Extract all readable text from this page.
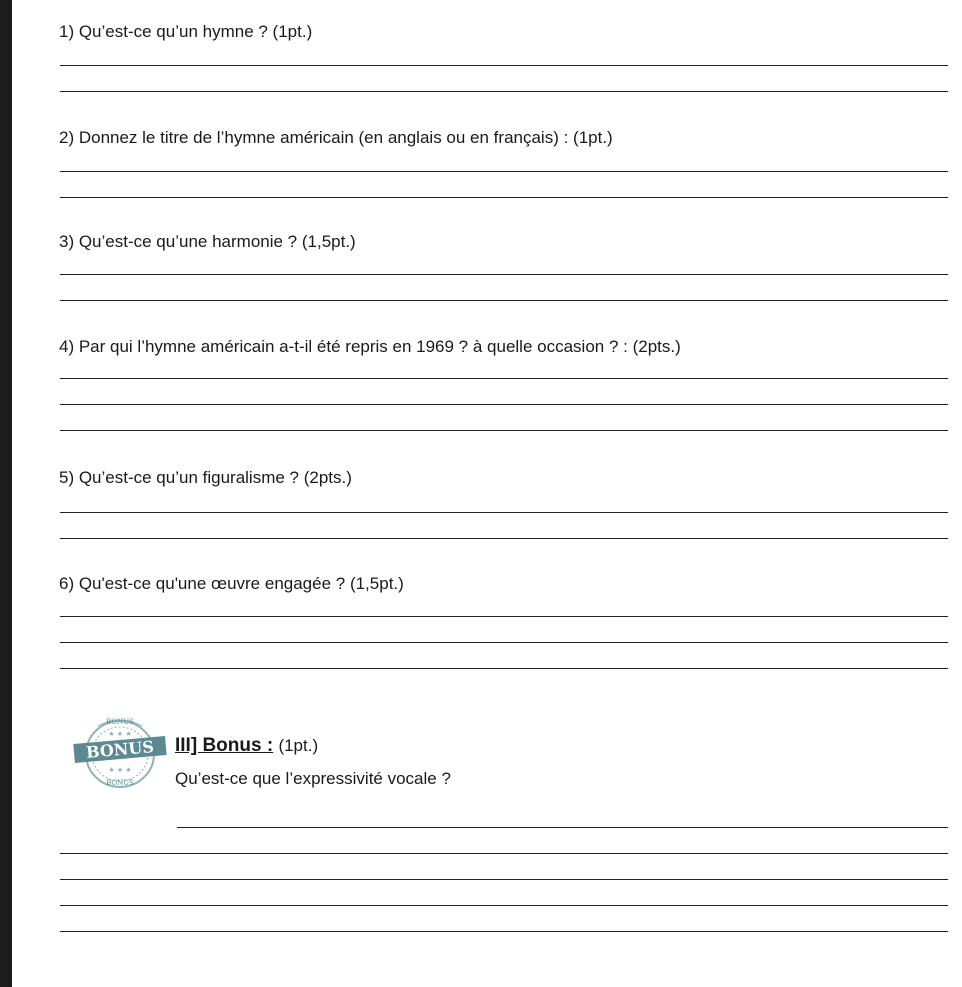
1) Qu’est-ce qu’un hymne ? (1pt.)
2) Donnez le titre de l’hymne américain (en anglais ou en français) : (1pt.)
3) Qu’est-ce qu’une harmonie ? (1,5pt.)
4) Par qui l’hymne américain a-t-il été repris en 1969 ? à quelle occasion ? : (2pts.)
5) Qu’est-ce qu’un figuralisme ? (2pts.)
6) Qu'est-ce qu'une œuvre engagée ? (1,5pt.)
BONUS
★ ★ ★
BONUS
★ ★ ★
BONUS
III] Bonus : (1pt.)
Qu’est-ce que l’expressivité vocale ?
